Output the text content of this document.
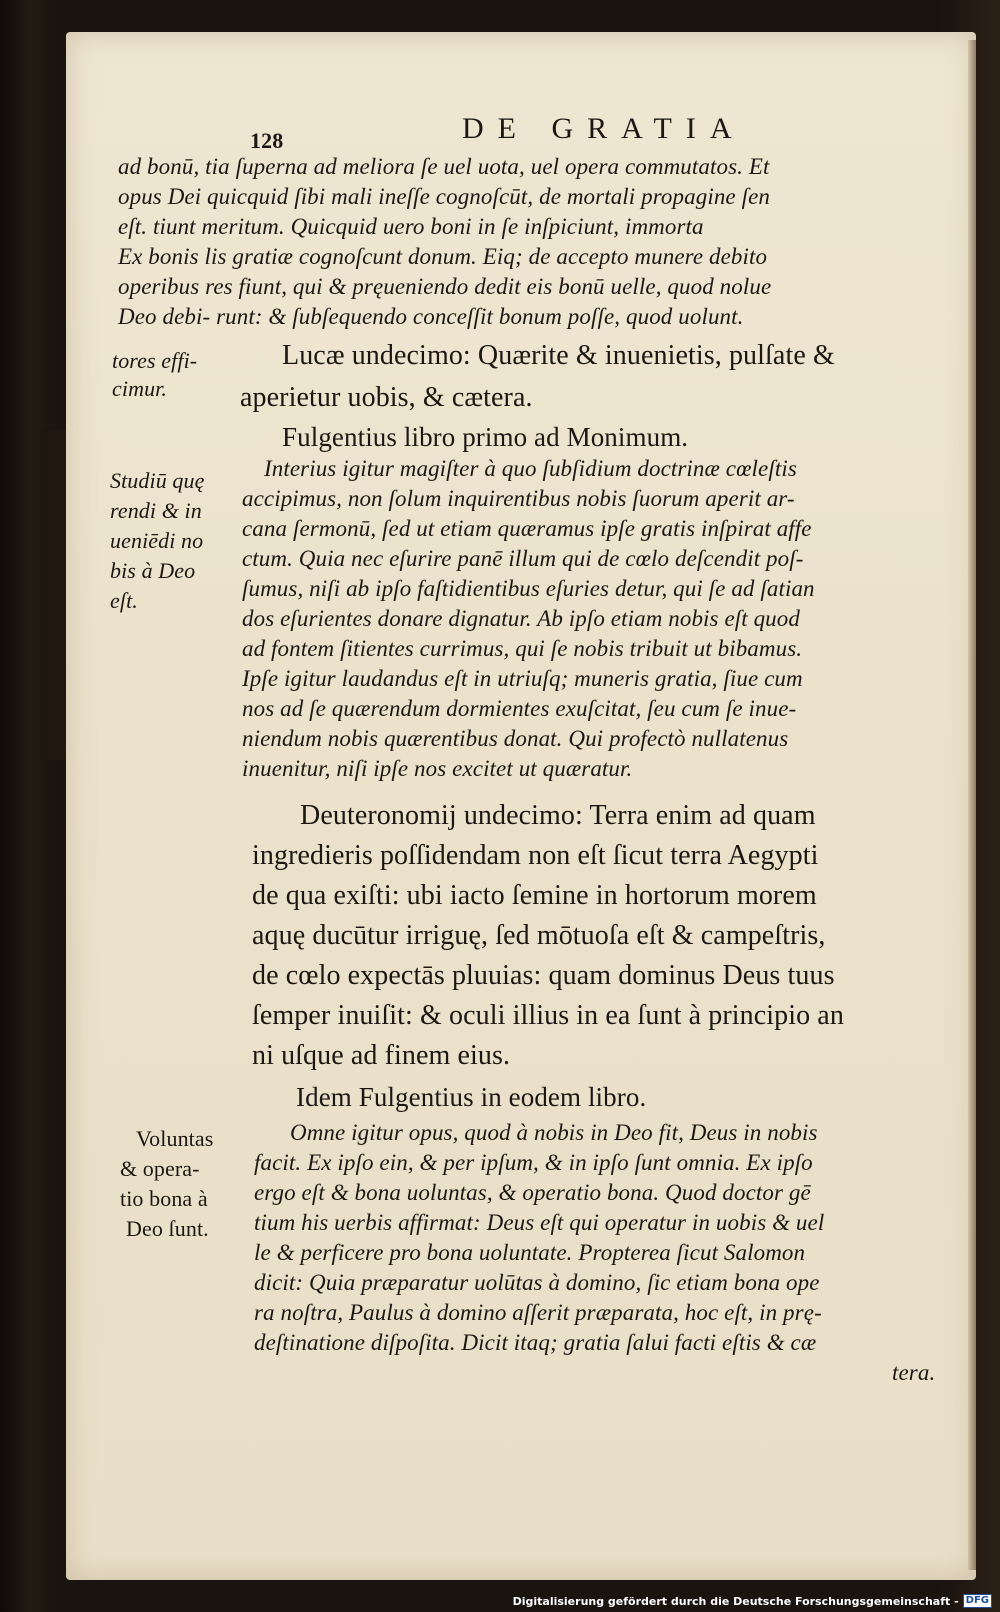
128	DE GRATIA
ad bonū, tia ſuperna ad meliora ſe uel uota, uel opera commutatos. Et
opus Dei quicquid ſibi mali ineſſe cognoſcūt, de mortali propagine ſen
eſt. tiunt meritum. Quicquid uero boni in ſe inſpiciunt, immorta
Ex bonis lis gratiæ cognoſcunt donum. Eiq; de accepto munere debito
operibus res fiunt, qui & pręueniendo dedit eis bonū uelle, quod nolue
Deo debi- runt: & ſubſequendo conceſſit bonum poſſe, quod uolunt.
tores effi-
cimur.
Lucæ undecimo: Quærite & inuenietis, pulſate &
aperietur uobis, & cætera.
Fulgentius libro primo ad Monimum.
Studiū quę
rendi & in
ueniēdi no
bis à Deo
eſt.
Interius igitur magiſter à quo ſubſidium doctrinæ cœleſtis
accipimus, non ſolum inquirentibus nobis ſuorum aperit ar-
cana ſermonū, ſed ut etiam quæramus ipſe gratis inſpirat affe
ctum. Quia nec eſurire panē illum qui de cœlo deſcendit poſ-
ſumus, niſi ab ipſo faſtidientibus eſuries detur, qui ſe ad ſatian
dos eſurientes donare dignatur. Ab ipſo etiam nobis eſt quod
ad fontem ſitientes currimus, qui ſe nobis tribuit ut bibamus.
Ipſe igitur laudandus eſt in utriuſq; muneris gratia, ſiue cum
nos ad ſe quærendum dormientes exuſcitat, ſeu cum ſe inue-
niendum nobis quærentibus donat. Qui profectò nullatenus
inuenitur, niſi ipſe nos excitet ut quæratur.
Deuteronomij undecimo: Terra enim ad quam
ingredieris poſſidendam non eſt ſicut terra Aegypti
de qua exiſti: ubi iacto ſemine in hortorum morem
aquę ducūtur irriguę, ſed mōtuoſa eſt & campeſtris,
de cœlo expectās pluuias: quam dominus Deus tuus
ſemper inuiſit: & oculi illius in ea ſunt à principio an
ni uſque ad finem eius.
Idem Fulgentius in eodem libro.
Voluntas
& opera-
tio bona à
Deo ſunt.
Omne igitur opus, quod à nobis in Deo fit, Deus in nobis
facit. Ex ipſo ein, & per ipſum, & in ipſo ſunt omnia. Ex ipſo
ergo eſt & bona uoluntas, & operatio bona. Quod doctor gē
tium his uerbis affirmat: Deus eſt qui operatur in uobis & uel
le & perficere pro bona uoluntate. Propterea ſicut Salomon
dicit: Quia præparatur uolūtas à domino, ſic etiam bona ope
ra noſtra, Paulus à domino aſſerit præparata, hoc eſt, in prę-
deſtinatione diſpoſita. Dicit itaq; gratia ſalui facti eſtis & cæ
tera.
Digitalisierung gefördert durch die Deutsche Forschungsgemeinschaft - DFG
